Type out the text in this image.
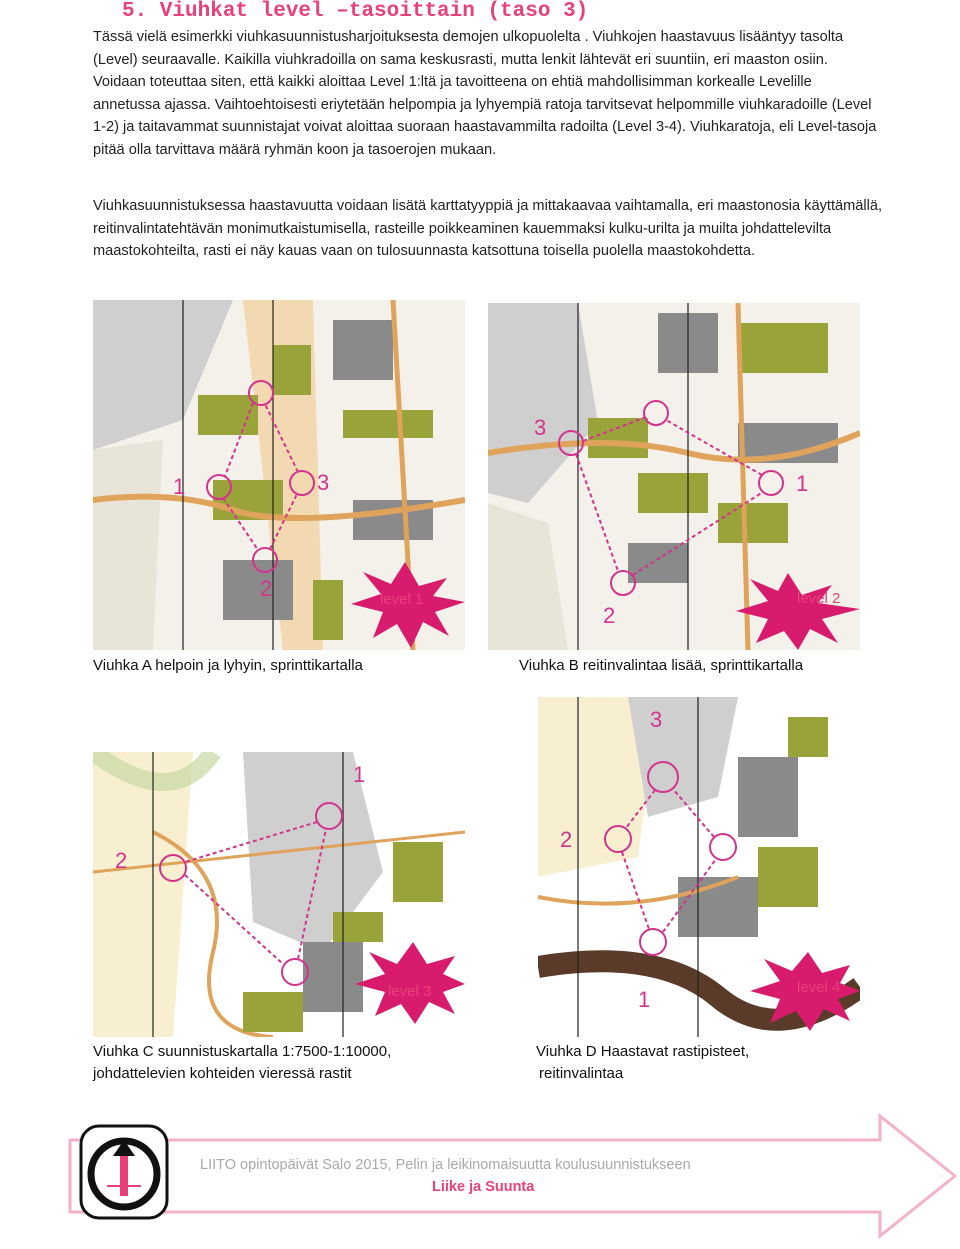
5. Viuhkat level –tasoittain (taso 3)

Tässä vielä esimerkki viuhkasuunnistusharjoituksesta demojen ulkopuolelta . Viuhkojen haastavuus lisääntyy tasolta (Level) seuraavalle. Kaikilla viuhkradoilla on sama keskusrasti, mutta lenkit lähtevät eri suuntiin, eri maaston osiin. Voidaan toteuttaa siten, että kaikki aloittaa Level 1:ltä ja tavoitteena on ehtiä mahdollisimman korkealle Levelille annetussa ajassa. Vaihtoehtoisesti eriytetään helpompia ja lyhyempiä ratoja tarvitsevat helpommille viuhkaradoille (Level 1-2) ja taitavammat suunnistajat voivat aloittaa suoraan haastavammilta radoilta (Level 3-4). Viuhkaratoja, eli Level-tasoja pitää olla tarvittava määrä ryhmän koon ja tasoerojen mukaan.

Viuhkasuunnistuksessa haastavuutta voidaan lisätä karttatyyppiä ja mittakaavaa vaihtamalla, eri maastonosia käyttämällä, reitinvalintatehtävän monimutkaistumisella, rasteille poikkeaminen kauemmaksi kulku-urilta ja muilta johdattelevilta maastokohteilta, rasti ei näy kauas vaan on tulosuunnasta katsottuna toisella puolella maastokohdetta.

1
2
3
level 1
1
2
3
level 2

Viuhka A helpoin ja lyhyin, sprinttikartalla	Viuhka B reitinvalintaa lisää, sprinttikartalla

1
2
level 3	1
2
3
level 4

Viuhka C suunnistuskartalla 1:7500-1:10000,
johdattelevien kohteiden vieressä rastit

Viuhka D Haastavat rastipisteet,
reitinvalintaa

LIITO opintopäivät Salo 2015, Pelin ja leikinomaisuutta koulusuunnistukseen
Liike ja Suunta
